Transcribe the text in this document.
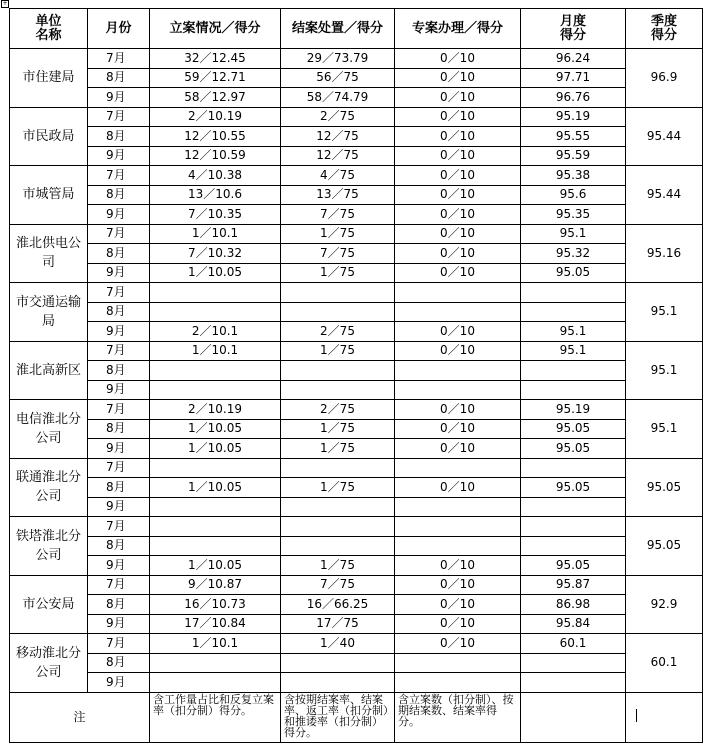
+
单位名称	月份	立案情况／得分	结案处置／得分	专案办理／得分	月度得分	季度得分
市住建局	7月	32／12.45	29／73.79	0／10	96.24	96.9
	8月	59／12.71	56／75	0／10	97.71	
	9月	58／12.97	58／74.79	0／10	96.76	
市民政局	7月	2／10.19	2／75	0／10	95.19	95.44
	8月	12／10.55	12／75	0／10	95.55	
	9月	12／10.59	12／75	0／10	95.59	
市城管局	7月	4／10.38	4／75	0／10	95.38	95.44
	8月	13／10.6	13／75	0／10	95.6	
	9月	7／10.35	7／75	0／10	95.35	
淮北供电公司	7月	1／10.1	1／75	0／10	95.1	95.16
	8月	7／10.32	7／75	0／10	95.32	
	9月	1／10.05	1／75	0／10	95.05	
市交通运输局	7月					95.1
	8月					
	9月	2／10.1	2／75	0／10	95.1	
淮北高新区	7月	1／10.1	1／75	0／10	95.1	95.1
	8月					
	9月					
电信淮北分公司	7月	2／10.19	2／75	0／10	95.19	95.1
	8月	1／10.05	1／75	0／10	95.05	
	9月	1／10.05	1／75	0／10	95.05	
联通淮北分公司	7月					95.05
	8月	1／10.05	1／75	0／10	95.05	
	9月					
铁塔淮北分公司	7月					95.05
	8月					
	9月	1／10.05	1／75	0／10	95.05	
市公安局	7月	9／10.87	7／75	0／10	95.87	92.9
	8月	16／10.73	16／66.25	0／10	86.98	
	9月	17／10.84	17／75	0／10	95.84	
移动淮北分公司	7月	1／10.1	1／40	0／10	60.1	60.1
	8月					
	9月					
注		含工作量占比和反复立案率（扣分制）得分。	含按期结案率、结案率、返工率（扣分制）和推诿率（扣分制）得分。	含立案数（扣分制）、按期结案数、结案率得分。		
